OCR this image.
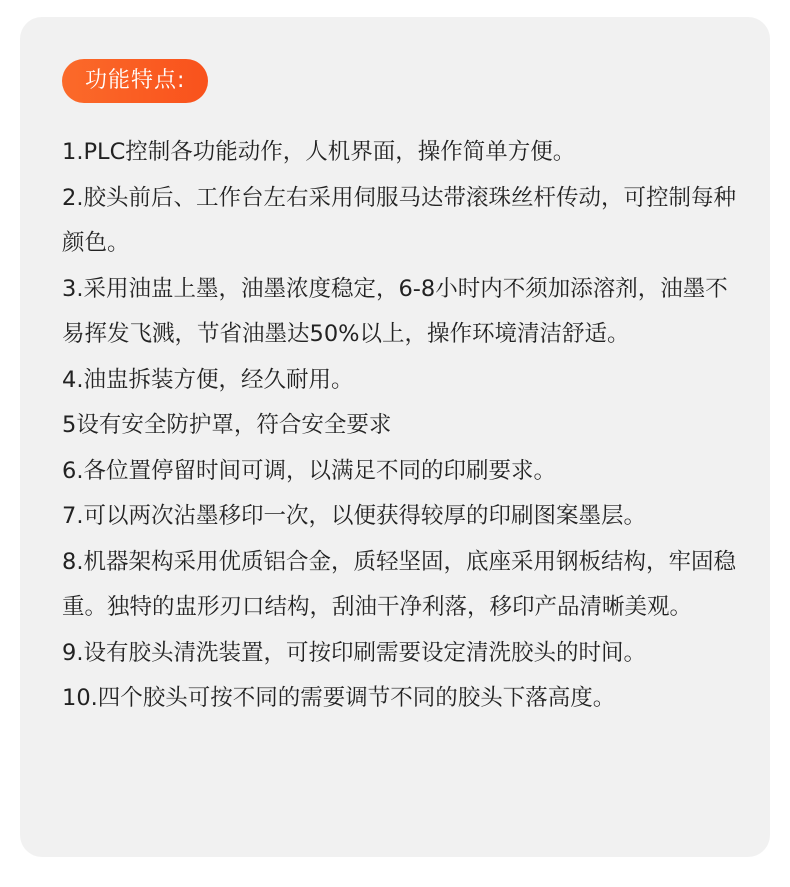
功能特点:
1.PLC控制各功能动作，人机界面，操作简单方便。
2.胶头前后、工作台左右采用伺服马达带滚珠丝杆传动，可控制每种颜色。
3.采用油盅上墨，油墨浓度稳定，6-8小时内不须加添溶剂，油墨不易挥发飞溅，节省油墨达50%以上，操作环境清洁舒适。
4.油盅拆装方便，经久耐用。
5设有安全防护罩，符合安全要求
6.各位置停留时间可调，以满足不同的印刷要求。
7.可以两次沾墨移印一次，以便获得较厚的印刷图案墨层。
8.机器架构采用优质铝合金，质轻坚固，底座采用钢板结构，牢固稳重。独特的盅形刃口结构，刮油干净利落，移印产品清晰美观。
9.设有胶头清洗装置，可按印刷需要设定清洗胶头的时间。
10.四个胶头可按不同的需要调节不同的胶头下落高度。
